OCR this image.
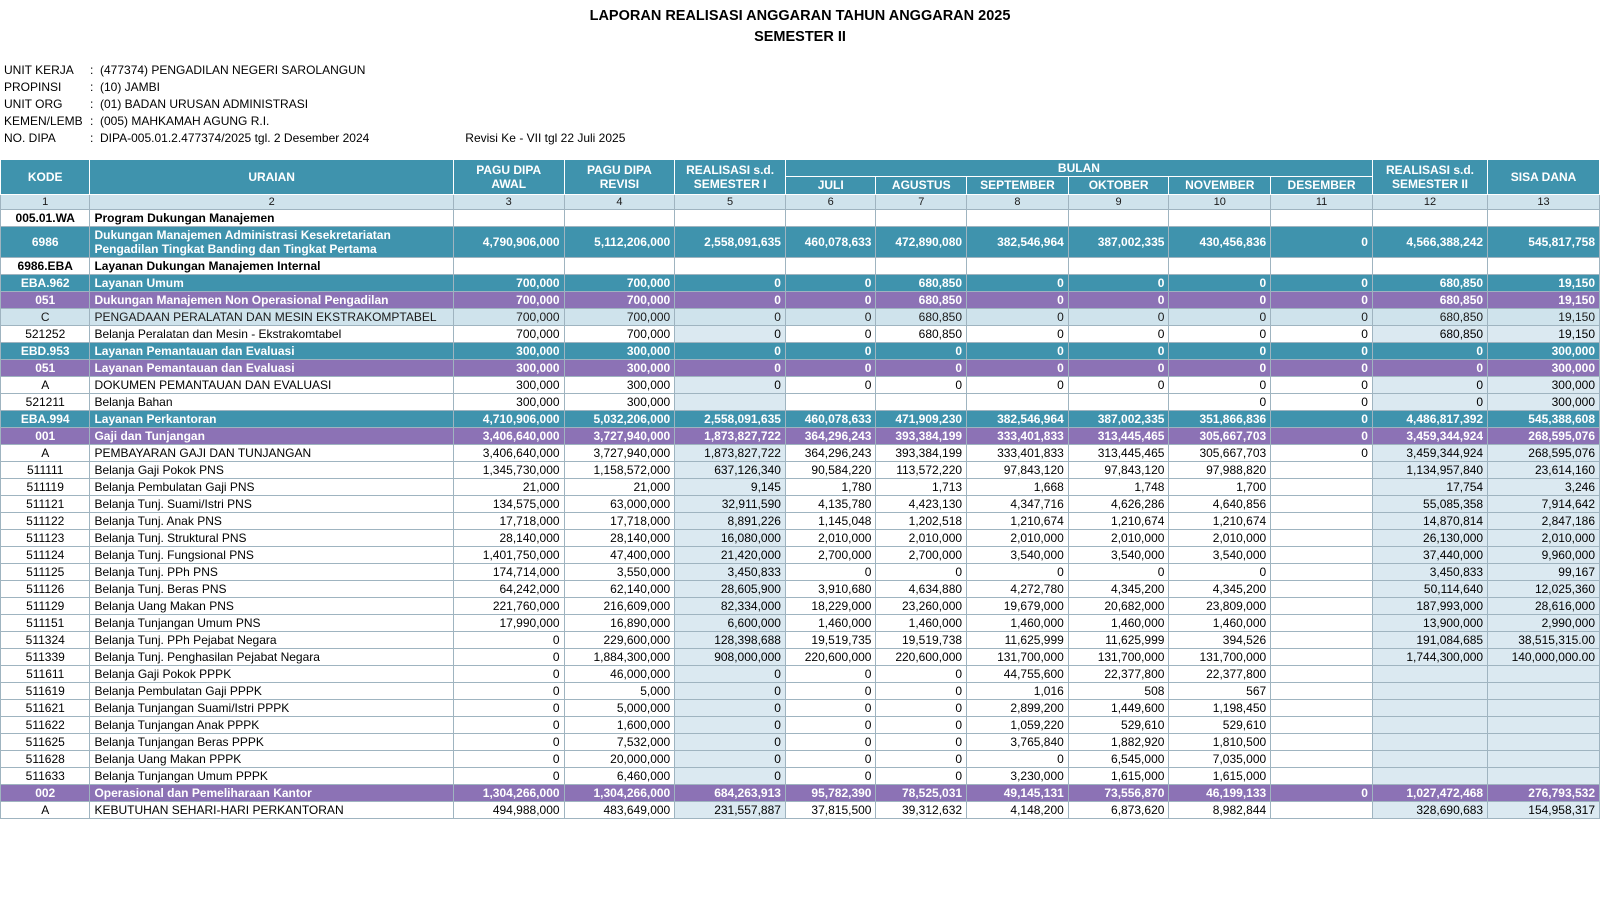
LAPORAN REALISASI ANGGARAN TAHUN ANGGARAN 2025
SEMESTER II
UNIT KERJA	: (477374) PENGADILAN NEGERI SAROLANGUN
PROPINSI	: (10) JAMBI
UNIT ORG	: (01) BADAN URUSAN ADMINISTRASI
KEMEN/LEMB : (005) MAHKAMAH AGUNG R.I.
NO. DIPA	: DIPA-005.01.2.477374/2025 tgl. 2 Desember 2024	Revisi Ke - VII tgl 22 Juli 2025
KODE	URAIAN	PAGU DIPA AWAL	PAGU DIPA REVISI	REALISASI s.d. SEMESTER I	BULAN						REALISASI s.d. SEMESTER II	SISA DANA
					JULI	AGUSTUS	SEPTEMBER	OKTOBER	NOVEMBER	DESEMBER		
1	2	3	4	5	6	7	8	9	10	11	12	13
005.01.WA	Program Dukungan Manajemen											
6986	Dukungan Manajemen Administrasi Kesekretariatan Pengadilan Tingkat Banding dan Tingkat Pertama	4,790,906,000	5,112,206,000	2,558,091,635	460,078,633	472,890,080	382,546,964	387,002,335	430,456,836	0	4,566,388,242	545,817,758
6986.EBA	Layanan Dukungan Manajemen Internal											
EBA.962	Layanan Umum	700,000	700,000	0	0	680,850	0	0	0	0	680,850	19,150
051	Dukungan Manajemen Non Operasional Pengadilan	700,000	700,000	0	0	680,850	0	0	0	0	680,850	19,150
C	PENGADAAN PERALATAN DAN MESIN EKSTRAKOMPTABEL	700,000	700,000	0	0	680,850	0	0	0	0	680,850	19,150
521252	Belanja Peralatan dan Mesin - Ekstrakomtabel	700,000	700,000	0	0	680,850	0	0	0	0	680,850	19,150
EBD.953	Layanan Pemantauan dan Evaluasi	300,000	300,000	0	0	0	0	0	0	0	0	300,000
051	Layanan Pemantauan dan Evaluasi	300,000	300,000	0	0	0	0	0	0	0	0	300,000
A	DOKUMEN PEMANTAUAN DAN EVALUASI	300,000	300,000	0	0	0	0	0	0	0	0	300,000
521211	Belanja Bahan	300,000	300,000						0	0	0	300,000
EBA.994	Layanan Perkantoran	4,710,906,000	5,032,206,000	2,558,091,635	460,078,633	471,909,230	382,546,964	387,002,335	351,866,836	0	4,486,817,392	545,388,608
001	Gaji dan Tunjangan	3,406,640,000	3,727,940,000	1,873,827,722	364,296,243	393,384,199	333,401,833	313,445,465	305,667,703	0	3,459,344,924	268,595,076
A	PEMBAYARAN GAJI DAN TUNJANGAN	3,406,640,000	3,727,940,000	1,873,827,722	364,296,243	393,384,199	333,401,833	313,445,465	305,667,703	0	3,459,344,924	268,595,076
511111	Belanja Gaji Pokok PNS	1,345,730,000	1,158,572,000	637,126,340	90,584,220	113,572,220	97,843,120	97,843,120	97,988,820		1,134,957,840	23,614,160
511119	Belanja Pembulatan Gaji PNS	21,000	21,000	9,145	1,780	1,713	1,668	1,748	1,700		17,754	3,246
511121	Belanja Tunj. Suami/Istri PNS	134,575,000	63,000,000	32,911,590	4,135,780	4,423,130	4,347,716	4,626,286	4,640,856		55,085,358	7,914,642
511122	Belanja Tunj. Anak PNS	17,718,000	17,718,000	8,891,226	1,145,048	1,202,518	1,210,674	1,210,674	1,210,674		14,870,814	2,847,186
511123	Belanja Tunj. Struktural PNS	28,140,000	28,140,000	16,080,000	2,010,000	2,010,000	2,010,000	2,010,000	2,010,000		26,130,000	2,010,000
511124	Belanja Tunj. Fungsional PNS	1,401,750,000	47,400,000	21,420,000	2,700,000	2,700,000	3,540,000	3,540,000	3,540,000		37,440,000	9,960,000
511125	Belanja Tunj. PPh PNS	174,714,000	3,550,000	3,450,833	0	0	0	0	0		3,450,833	99,167
511126	Belanja Tunj. Beras PNS	64,242,000	62,140,000	28,605,900	3,910,680	4,634,880	4,272,780	4,345,200	4,345,200		50,114,640	12,025,360
511129	Belanja Uang Makan PNS	221,760,000	216,609,000	82,334,000	18,229,000	23,260,000	19,679,000	20,682,000	23,809,000		187,993,000	28,616,000
511151	Belanja Tunjangan Umum PNS	17,990,000	16,890,000	6,600,000	1,460,000	1,460,000	1,460,000	1,460,000	1,460,000		13,900,000	2,990,000
511324	Belanja Tunj. PPh Pejabat Negara	0	229,600,000	128,398,688	19,519,735	19,519,738	11,625,999	11,625,999	394,526		191,084,685	38,515,315.00
511339	Belanja Tunj. Penghasilan Pejabat Negara	0	1,884,300,000	908,000,000	220,600,000	220,600,000	131,700,000	131,700,000	131,700,000		1,744,300,000	140,000,000.00
511611	Belanja Gaji Pokok PPPK	0	46,000,000	0	0	0	44,755,600	22,377,800	22,377,800			
511619	Belanja Pembulatan Gaji PPPK	0	5,000	0	0	0	1,016	508	567			
511621	Belanja Tunjangan Suami/Istri PPPK	0	5,000,000	0	0	0	2,899,200	1,449,600	1,198,450			
511622	Belanja Tunjangan Anak PPPK	0	1,600,000	0	0	0	1,059,220	529,610	529,610			
511625	Belanja Tunjangan Beras PPPK	0	7,532,000	0	0	0	3,765,840	1,882,920	1,810,500			
511628	Belanja Uang Makan PPPK	0	20,000,000	0	0	0	0	6,545,000	7,035,000			
511633	Belanja Tunjangan Umum PPPK	0	6,460,000	0	0	0	3,230,000	1,615,000	1,615,000			
002	Operasional dan Pemeliharaan Kantor	1,304,266,000	1,304,266,000	684,263,913	95,782,390	78,525,031	49,145,131	73,556,870	46,199,133	0	1,027,472,468	276,793,532
A	KEBUTUHAN SEHARI-HARI PERKANTORAN	494,988,000	483,649,000	231,557,887	37,815,500	39,312,632	4,148,200	6,873,620	8,982,844		328,690,683	154,958,317
